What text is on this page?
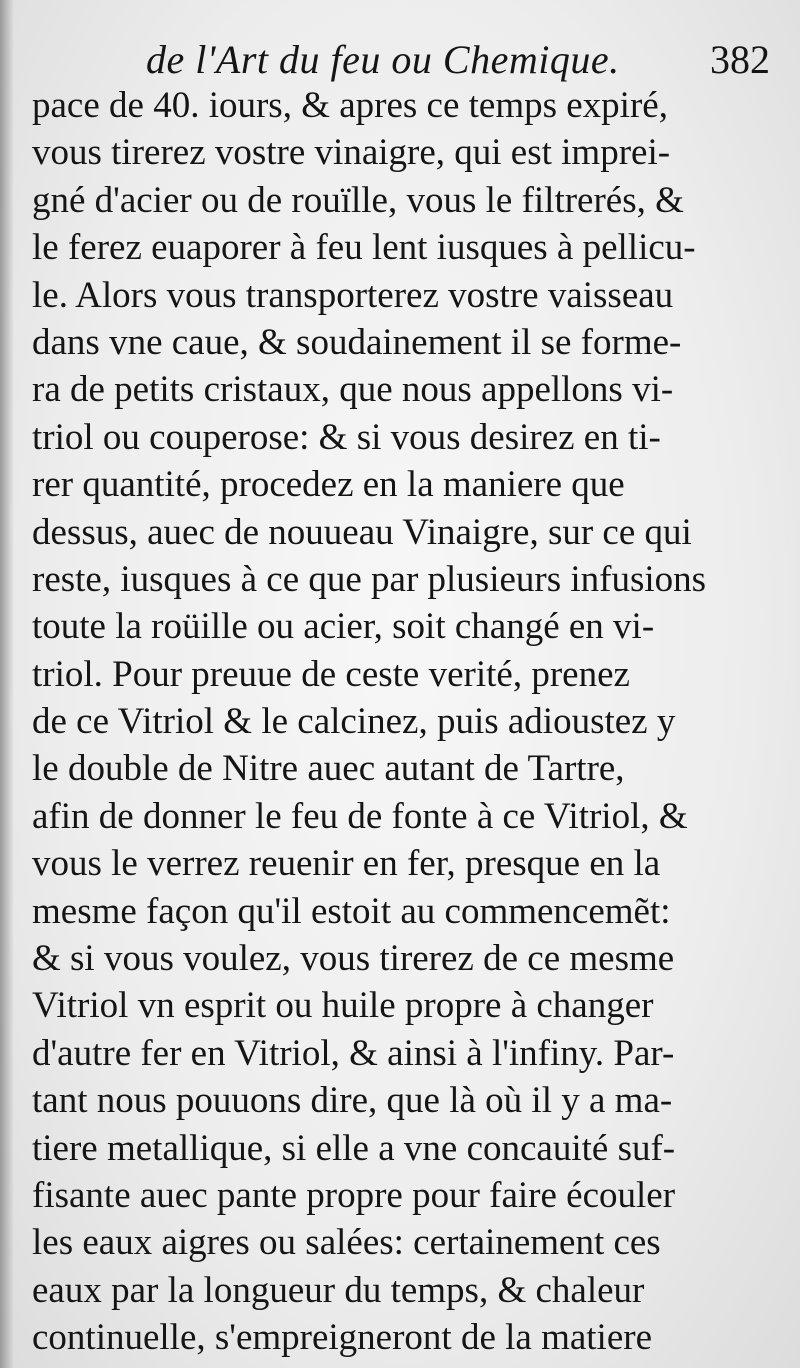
de l'Art du feu ou Chemique. 382
pace de 40. iours, & apres ce temps expiré,
vous tirerez vostre vinaigre, qui est imprei-
gné d'acier ou de rouïlle, vous le filtrerés, &
le ferez euaporer à feu lent iusques à pellicu-
le. Alors vous transporterez vostre vaisseau
dans vne caue, & soudainement il se forme-
ra de petits cristaux, que nous appellons vi-
triol ou couperose: & si vous desirez en ti-
rer quantité, procedez en la maniere que
dessus, auec de nouueau Vinaigre, sur ce qui
reste, iusques à ce que par plusieurs infusions
toute la roüille ou acier, soit changé en vi-
triol. Pour preuue de ceste verité, prenez
de ce Vitriol & le calcinez, puis adioustez y
le double de Nitre auec autant de Tartre,
afin de donner le feu de fonte à ce Vitriol, &
vous le verrez reuenir en fer, presque en la
mesme façon qu'il estoit au commencemẽt:
& si vous voulez, vous tirerez de ce mesme
Vitriol vn esprit ou huile propre à changer
d'autre fer en Vitriol, & ainsi à l'infiny. Par-
tant nous pouuons dire, que là où il y a ma-
tiere metallique, si elle a vne concauité suf-
fisante auec pante propre pour faire écouler
les eaux aigres ou salées: certainement ces
eaux par la longueur du temps, & chaleur
continuelle, s'empreigneront de la matiere
